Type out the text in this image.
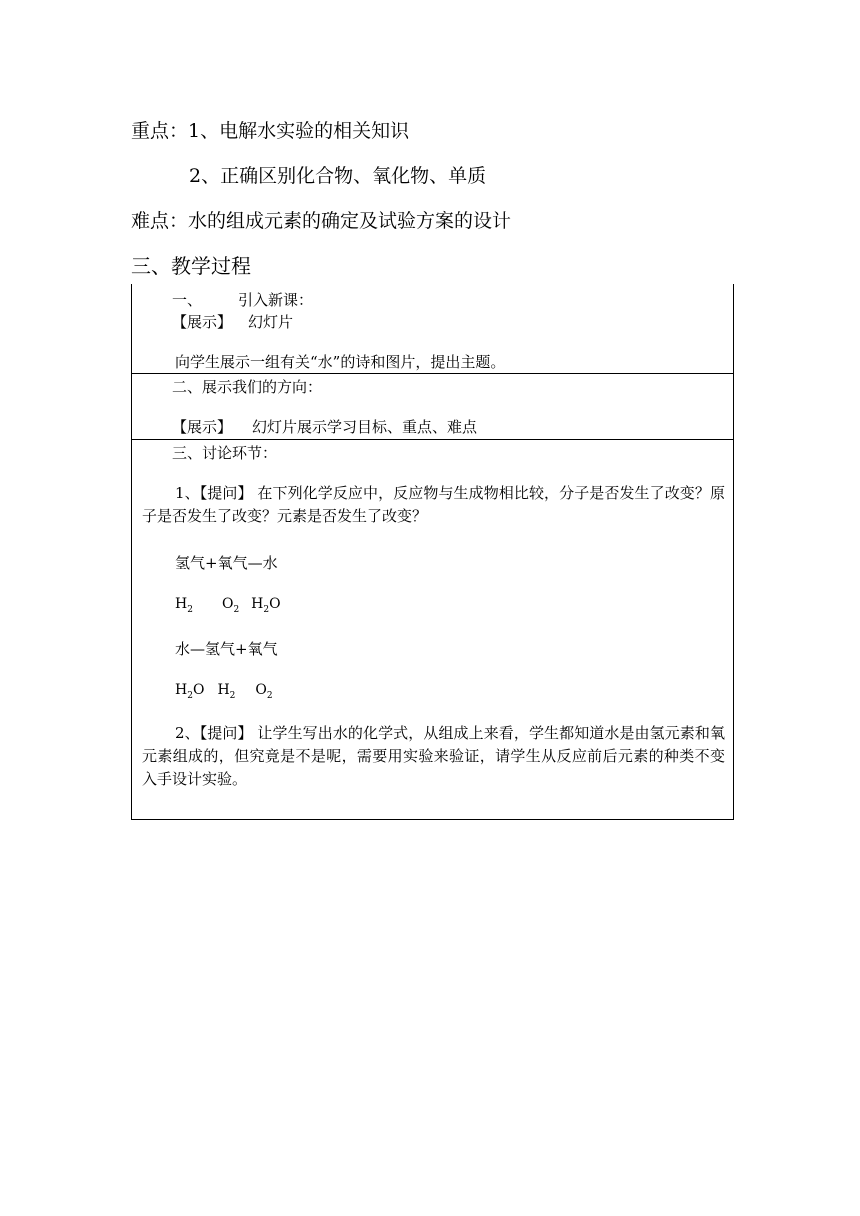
重点：1、电解水实验的相关知识
2、正确区别化合物、氧化物、单质
难点：水的组成元素的确定及试验方案的设计
三、教学过程
一、 引入新课：
【展示】 幻灯片
向学生展示一组有关“水”的诗和图片，提出主题。
二、展示我们的方向：
【展示】 幻灯片展示学习目标、重点、难点
三、讨论环节：
1、【提问】 在下列化学反应中，反应物与生成物相比较，分子是否发生了改变？原子是否发生了改变？元素是否发生了改变？
氢气+氧气—水
$H_2$ $O_2$ $H_2O$
水—氢气+氧气
$H_2O$ $H_2$ $O_2$
2、【提问】 让学生写出水的化学式，从组成上来看，学生都知道水是由氢元素和氧元素组成的，但究竟是不是呢，需要用实验来验证，请学生从反应前后元素的种类不变入手设计实验。
